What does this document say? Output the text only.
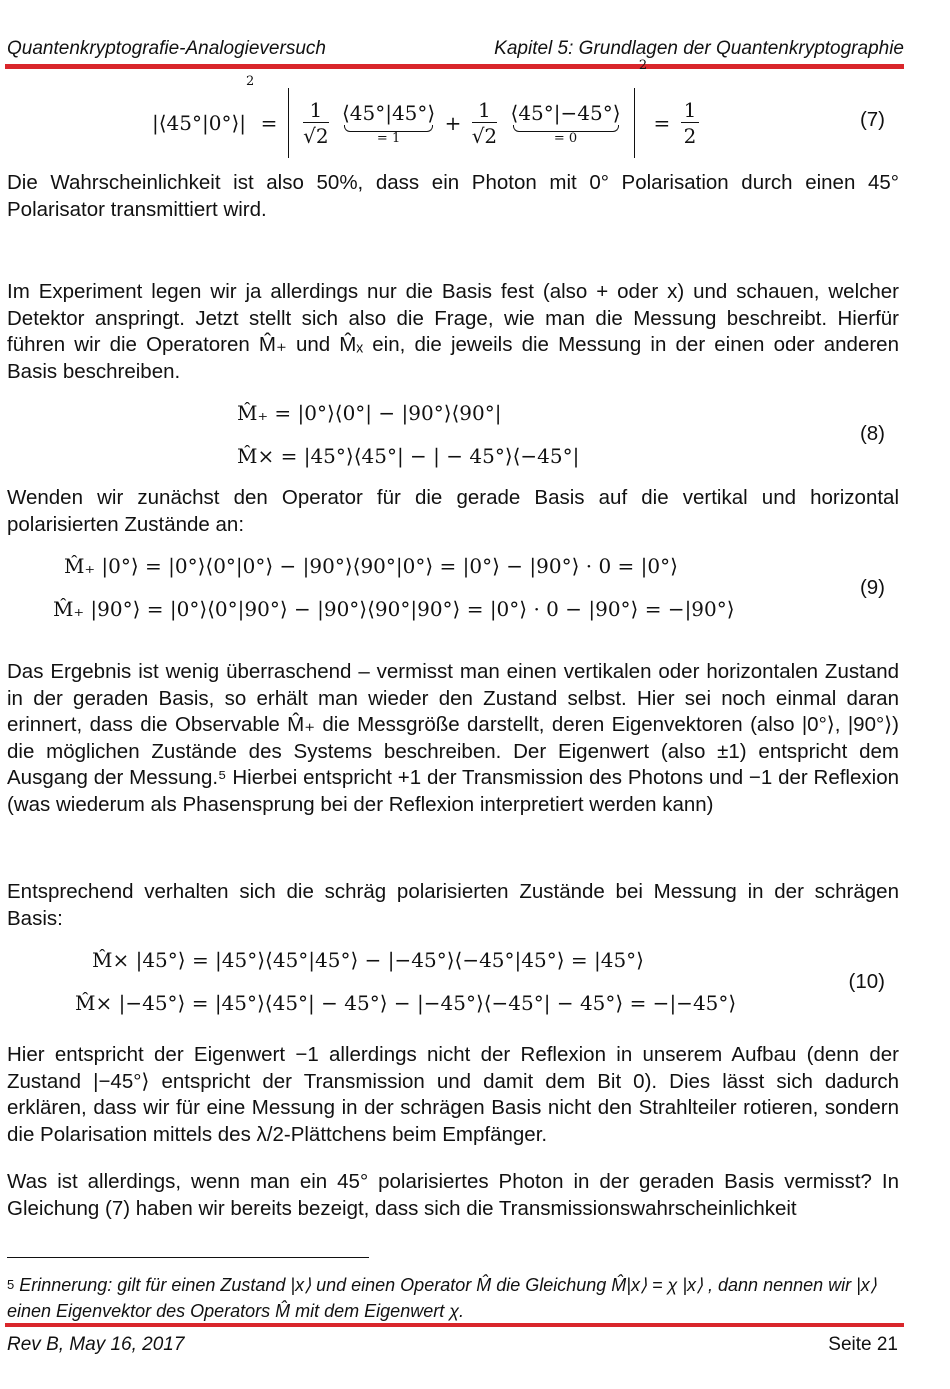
Quantenkryptografie-Analogieversuch	Kapitel 5: Grundlagen der Quantenkryptographie
$|⟨45^\circ|0^\circ⟩|^2 = \frac{1}{√2}$
⟨45°|45°⟩
= 1
+ $\frac{1}{√2}$
⟨45°|−45°⟩
= 0
$^2 = \frac{1}{2}$	(7)
Die Wahrscheinlichkeit ist also 50%, dass ein Photon mit 0° Polarisation durch einen 45° Polarisator transmittiert wird.
Im Experiment legen wir ja allerdings nur die Basis fest (also + oder x) und schauen, welcher Detektor anspringt. Jetzt stellt sich also die Frage, wie man die Messung beschreibt. Hierfür führen wir die Operatoren M̂₊ und M̂ₓ ein, die jeweils die Messung in der einen oder anderen Basis beschreiben.
M̂₊ = |0°⟩⟨0°| − |90°⟩⟨90°|
M̂× = |45°⟩⟨45°| − | − 45°⟩⟨−45°|
(8)
Wenden wir zunächst den Operator für die gerade Basis auf die vertikal und horizontal polarisierten Zustände an:
M̂₊ |0°⟩ = |0°⟩⟨0°|0°⟩ − |90°⟩⟨90°|0°⟩ = |0°⟩ − |90°⟩ · 0 = |0°⟩
M̂₊ |90°⟩ = |0°⟩⟨0°|90°⟩ − |90°⟩⟨90°|90°⟩ = |0°⟩ · 0 − |90°⟩ = −|90°⟩
(9)
Das Ergebnis ist wenig überraschend – vermisst man einen vertikalen oder horizontalen Zustand in der geraden Basis, so erhält man wieder den Zustand selbst. Hier sei noch einmal daran erinnert, dass die Observable M̂₊ die Messgröße darstellt, deren Eigenvektoren (also |0°⟩, |90°⟩) die möglichen Zustände des Systems beschreiben. Der Eigenwert (also ±1) entspricht dem Ausgang der Messung.⁵ Hierbei entspricht +1 der Transmission des Photons und −1 der Reflexion (was wiederum als Phasensprung bei der Reflexion interpretiert werden kann)
Entsprechend verhalten sich die schräg polarisierten Zustände bei Messung in der schrägen Basis:
M̂× |45°⟩ = |45°⟩⟨45°|45°⟩ − |−45°⟩⟨−45°|45°⟩ = |45°⟩
M̂× |−45°⟩ = |45°⟩⟨45°| − 45°⟩ − |−45°⟩⟨−45°| − 45°⟩ = −|−45°⟩
(10)
Hier entspricht der Eigenwert −1 allerdings nicht der Reflexion in unserem Aufbau (denn der Zustand |−45°⟩ entspricht der Transmission und damit dem Bit 0). Dies lässt sich dadurch erklären, dass wir für eine Messung in der schrägen Basis nicht den Strahlteiler rotieren, sondern die Polarisation mittels des λ/2-Plättchens beim Empfänger.
Was ist allerdings, wenn man ein 45° polarisiertes Photon in der geraden Basis vermisst? In Gleichung (7) haben wir bereits bezeigt, dass sich die Transmissionswahrscheinlichkeit
$^5$ Erinnerung: gilt für einen Zustand |x⟩ und einen Operator M̂ die Gleichung M̂|x⟩ = χ |x⟩ , dann nennen wir |x⟩ einen Eigenvektor des Operators M̂ mit dem Eigenwert χ.
Rev B, May 16, 2017	Seite 21
